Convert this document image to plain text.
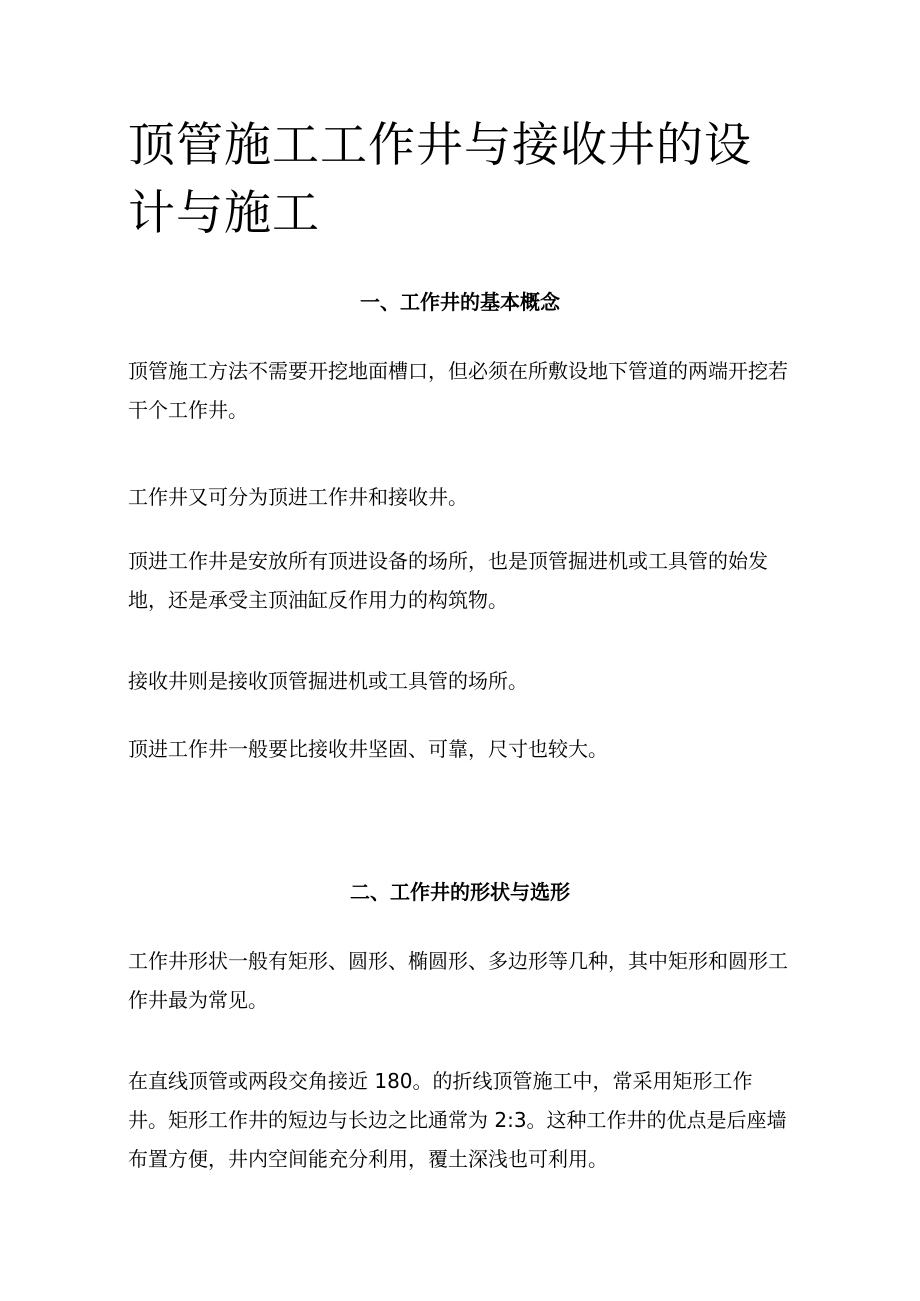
顶管施工工作井与接收井的设计与施工
一、工作井的基本概念

顶管施工方法不需要开挖地面槽口，但必须在所敷设地下管道的两端开挖若干个工作井。

工作井又可分为顶进工作井和接收井。

顶进工作井是安放所有顶进设备的场所，也是顶管掘进机或工具管的始发地，还是承受主顶油缸反作用力的构筑物。

接收井则是接收顶管掘进机或工具管的场所。

顶进工作井一般要比接收井坚固、可靠，尺寸也较大。

二、工作井的形状与选形

工作井形状一般有矩形、圆形、椭圆形、多边形等几种，其中矩形和圆形工作井最为常见。

在直线顶管或两段交角接近 180。的折线顶管施工中，常采用矩形工作井。矩形工作井的短边与长边之比通常为 2:3。这种工作井的优点是后座墙布置方便，井内空间能充分利用，覆土深浅也可利用。
